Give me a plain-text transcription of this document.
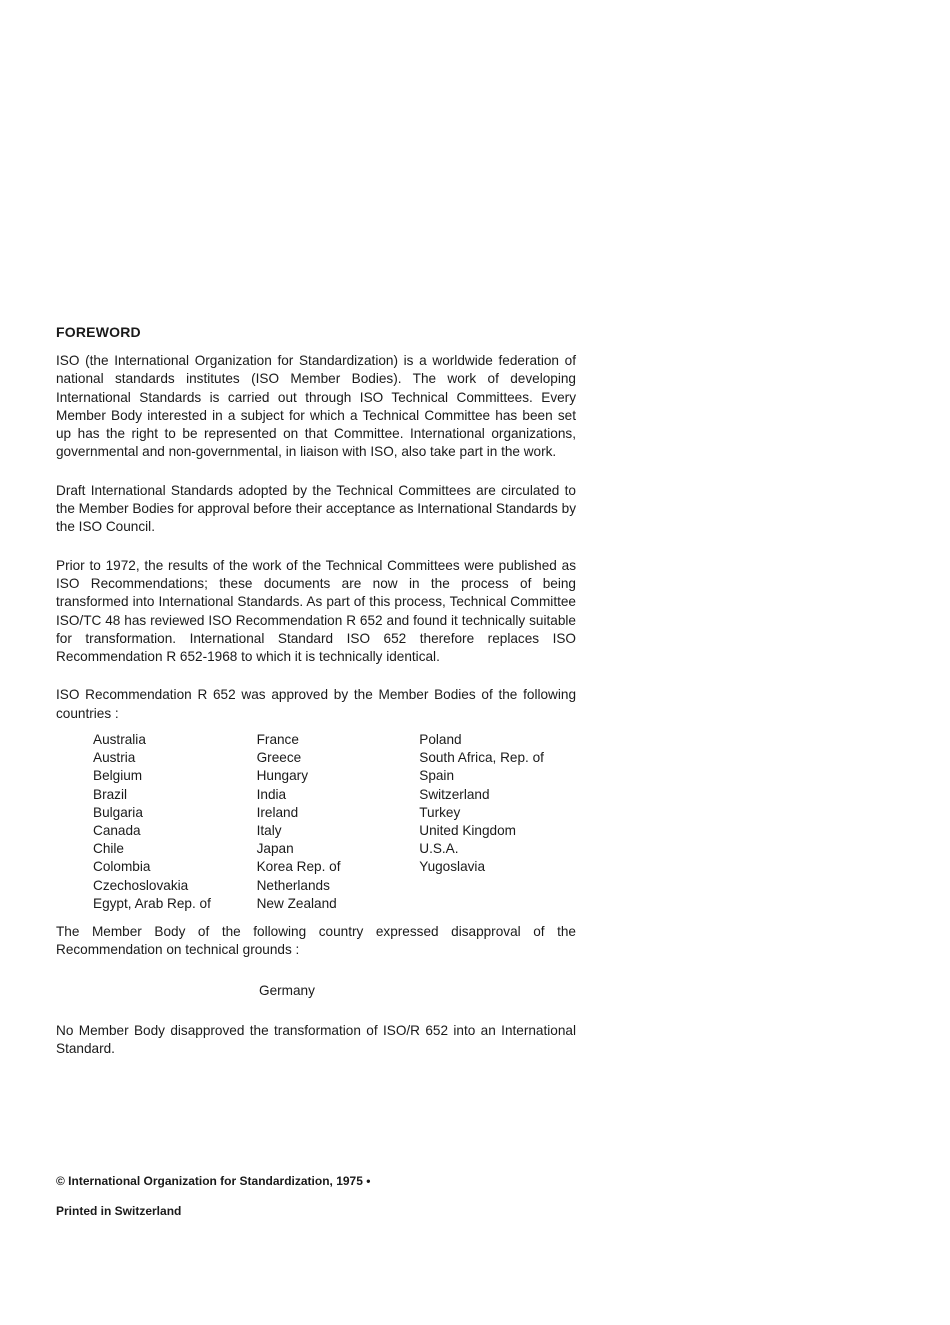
FOREWORD

ISO (the International Organization for Standardization) is a worldwide federation of national standards institutes (ISO Member Bodies). The work of developing International Standards is carried out through ISO Technical Committees. Every Member Body interested in a subject for which a Technical Committee has been set up has the right to be represented on that Committee. International organizations, governmental and non-governmental, in liaison with ISO, also take part in the work.

Draft International Standards adopted by the Technical Committees are circulated to the Member Bodies for approval before their acceptance as International Standards by the ISO Council.

Prior to 1972, the results of the work of the Technical Committees were published as ISO Recommendations; these documents are now in the process of being transformed into International Standards. As part of this process, Technical Committee ISO/TC 48 has reviewed ISO Recommendation R 652 and found it technically suitable for transformation. International Standard ISO 652 therefore replaces ISO Recommendation R 652-1968 to which it is technically identical.

ISO Recommendation R 652 was approved by the Member Bodies of the following countries :

Australia
Austria
Belgium
Brazil
Bulgaria
Canada
Chile
Colombia
Czechoslovakia
Egypt, Arab Rep. of
France
Greece
Hungary
India
Ireland
Italy
Japan
Korea Rep. of
Netherlands
New Zealand
Poland
South Africa, Rep. of
Spain
Switzerland
Turkey
United Kingdom
U.S.A.
Yugoslavia

The Member Body of the following country expressed disapproval of the Recommendation on technical grounds :

Germany

No Member Body disapproved the transformation of ISO/R 652 into an International Standard.

© International Organization for Standardization, 1975 •
Printed in Switzerland
